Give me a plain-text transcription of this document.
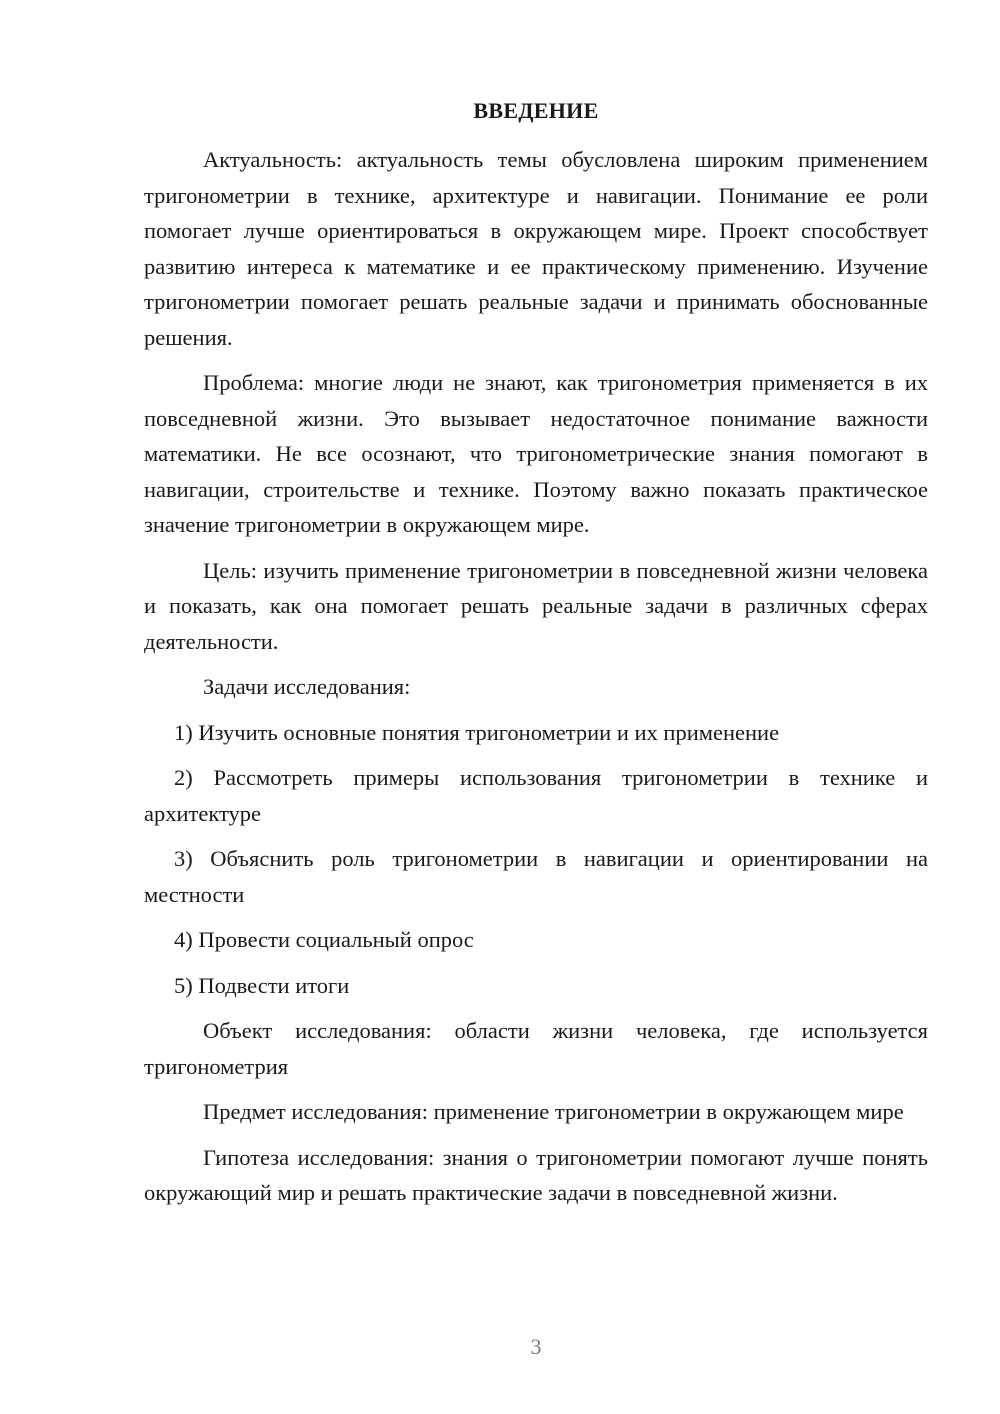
ВВЕДЕНИЕ

Актуальность: актуальность темы обусловлена широким применением тригонометрии в технике, архитектуре и навигации. Понимание ее роли помогает лучше ориентироваться в окружающем мире. Проект способствует развитию интереса к математике и ее практическому применению. Изучение тригонометрии помогает решать реальные задачи и принимать обоснованные решения.

Проблема: многие люди не знают, как тригонометрия применяется в их повседневной жизни. Это вызывает недостаточное понимание важности математики. Не все осознают, что тригонометрические знания помогают в навигации, строительстве и технике. Поэтому важно показать практическое значение тригонометрии в окружающем мире.

Цель: изучить применение тригонометрии в повседневной жизни человека и показать, как она помогает решать реальные задачи в различных сферах деятельности.

Задачи исследования:

1) Изучить основные понятия тригонометрии и их применение

2) Рассмотреть примеры использования тригонометрии в технике и архитектуре

3) Объяснить роль тригонометрии в навигации и ориентировании на местности

4) Провести социальный опрос

5) Подвести итоги

Объект исследования: области жизни человека, где используется тригонометрия

Предмет исследования: применение тригонометрии в окружающем мире

Гипотеза исследования: знания о тригонометрии помогают лучше понять окружающий мир и решать практические задачи в повседневной жизни.

3
